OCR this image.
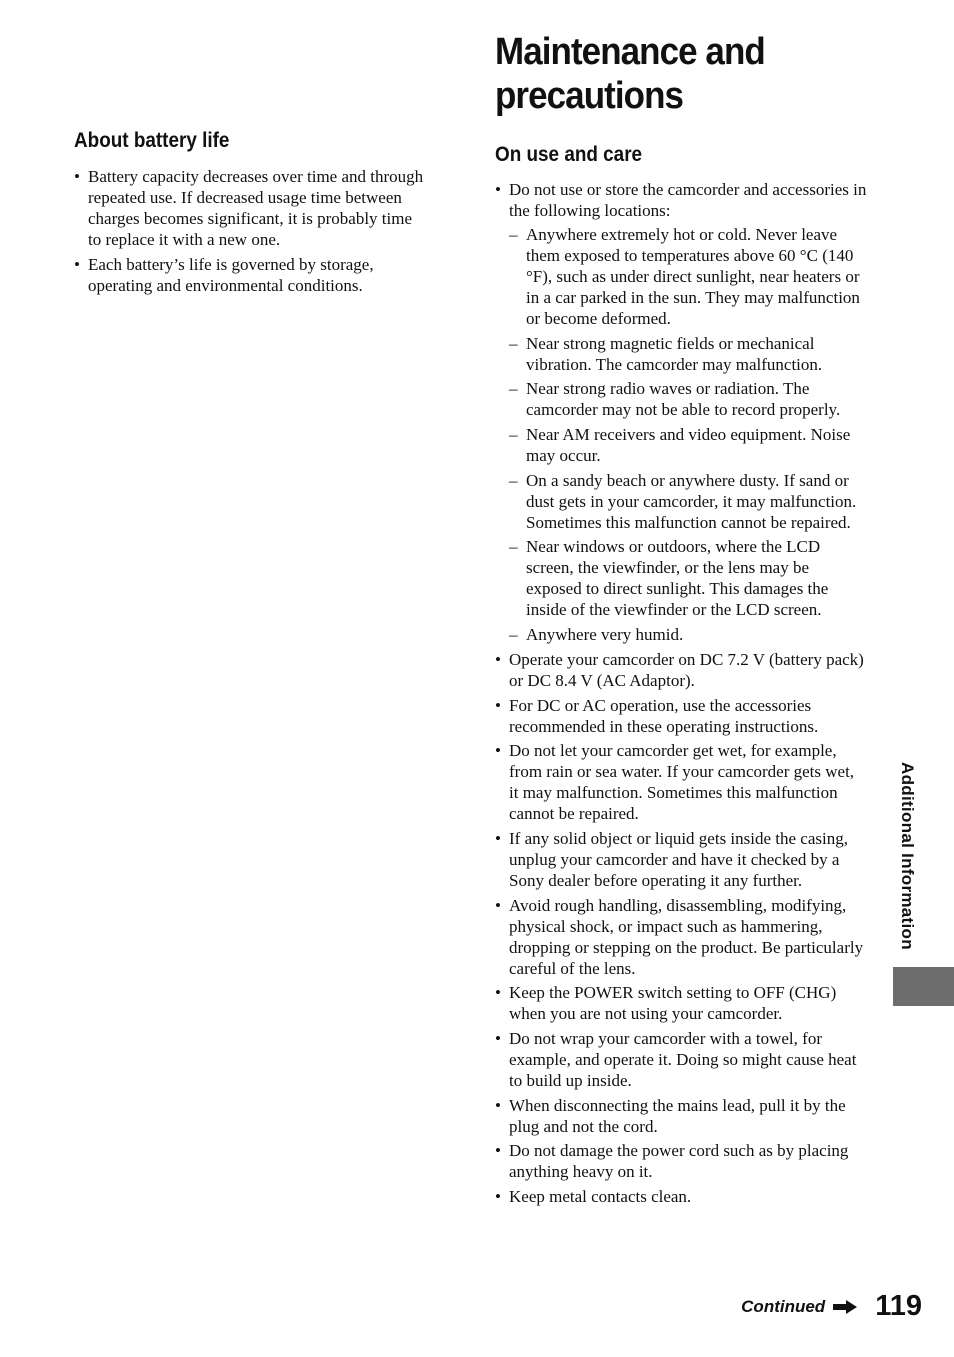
About battery life
• Battery capacity decreases over time and through repeated use. If decreased usage time between charges becomes significant, it is probably time to replace it with a new one.
• Each battery’s life is governed by storage, operating and environmental conditions.
Maintenance and
precautions
On use and care
• Do not use or store the camcorder and accessories in the following locations:
– Anywhere extremely hot or cold. Never leave them exposed to temperatures above 60 °C (140 °F), such as under direct sunlight, near heaters or in a car parked in the sun. They may malfunction or become deformed.
– Near strong magnetic fields or mechanical vibration. The camcorder may malfunction.
– Near strong radio waves or radiation. The camcorder may not be able to record properly.
– Near AM receivers and video equipment. Noise may occur.
– On a sandy beach or anywhere dusty. If sand or dust gets in your camcorder, it may malfunction. Sometimes this malfunction cannot be repaired.
– Near windows or outdoors, where the LCD screen, the viewfinder, or the lens may be exposed to direct sunlight. This damages the inside of the viewfinder or the LCD screen.
– Anywhere very humid.
• Operate your camcorder on DC 7.2 V (battery pack) or DC 8.4 V (AC Adaptor).
• For DC or AC operation, use the accessories recommended in these operating instructions.
• Do not let your camcorder get wet, for example, from rain or sea water. If your camcorder gets wet, it may malfunction. Sometimes this malfunction cannot be repaired.
• If any solid object or liquid gets inside the casing, unplug your camcorder and have it checked by a Sony dealer before operating it any further.
• Avoid rough handling, disassembling, modifying, physical shock, or impact such as hammering, dropping or stepping on the product. Be particularly careful of the lens.
• Keep the POWER switch setting to OFF (CHG) when you are not using your camcorder.
• Do not wrap your camcorder with a towel, for example, and operate it. Doing so might cause heat to build up inside.
• When disconnecting the mains lead, pull it by the plug and not the cord.
• Do not damage the power cord such as by placing anything heavy on it.
• Keep metal contacts clean.
Additional Information
Continued 119
